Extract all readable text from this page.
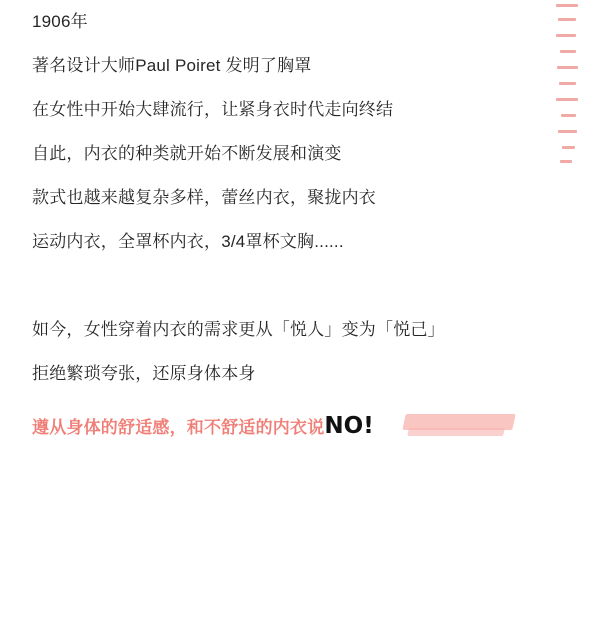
1906年
著名设计大师Paul Poiret 发明了胸罩
在女性中开始大肆流行，让紧身衣时代走向终结
自此，内衣的种类就开始不断发展和演变
款式也越来越复杂多样，蕾丝内衣，聚拢内衣
运动内衣，全罩杯内衣，3/4罩杯文胸......
如今，女性穿着内衣的需求更从「悦人」变为「悦己」
拒绝繁琐夸张，还原身体本身
遵从身体的舒适感，和不舒适的内衣说NO!
